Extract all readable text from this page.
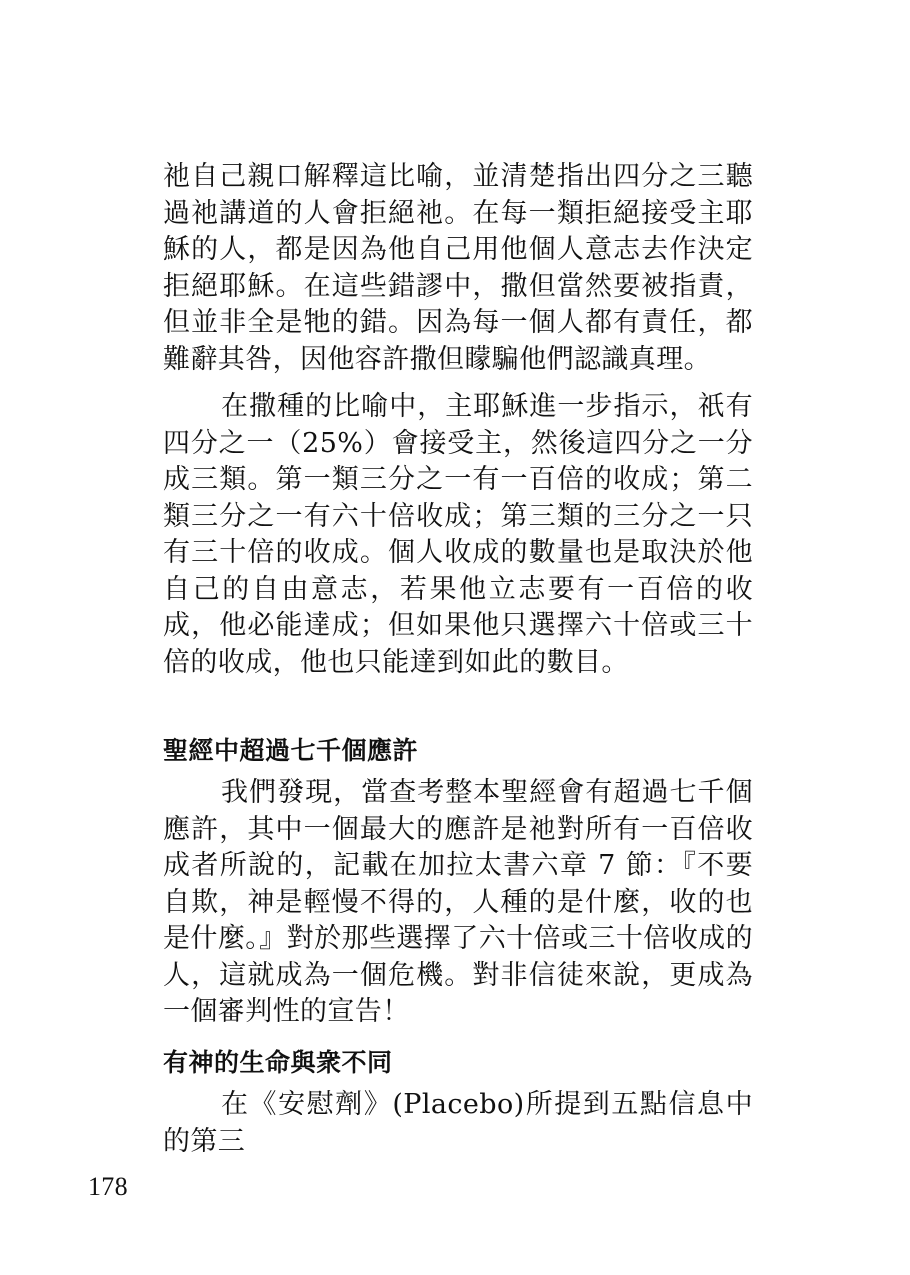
祂自己親口解釋這比喻，並清楚指出四分之三聽過祂講道的人會拒絕祂。在每一類拒絕接受主耶穌的人，都是因為他自己用他個人意志去作決定拒絕耶穌。在這些錯謬中，撒但當然要被指責，但並非全是牠的錯。因為每一個人都有責任，都難辭其咎，因他容許撒但矇騙他們認識真理。

在撒種的比喻中，主耶穌進一步指示，祇有四分之一（25%）會接受主，然後這四分之一分成三類。第一類三分之一有一百倍的收成；第二類三分之一有六十倍收成；第三類的三分之一只有三十倍的收成。個人收成的數量也是取決於他自己的自由意志，若果他立志要有一百倍的收成，他必能達成；但如果他只選擇六十倍或三十倍的收成，他也只能達到如此的數目。

聖經中超過七千個應許

我們發現，當查考整本聖經會有超過七千個應許，其中一個最大的應許是祂對所有一百倍收成者所說的，記載在加拉太書六章 7 節：『不要自欺，神是輕慢不得的，人種的是什麼，收的也是什麼。』對於那些選擇了六十倍或三十倍收成的人，這就成為一個危機。對非信徒來說，更成為一個審判性的宣告！

有神的生命與衆不同

在《安慰劑》(Placebo)所提到五點信息中的第三

178
